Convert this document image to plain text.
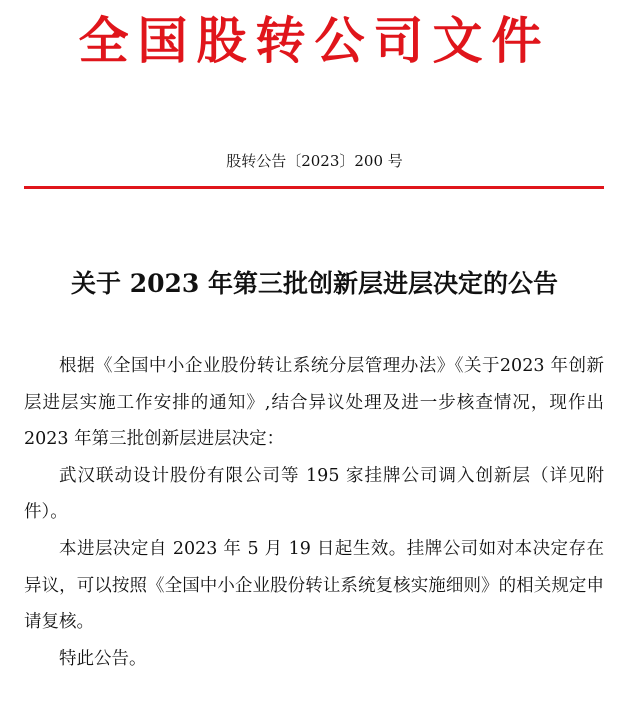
全国股转公司文件
股转公告〔2023〕200 号
关于 2023 年第三批创新层进层决定的公告

根据《全国中小企业股份转让系统分层管理办法》《关于2023 年创新层进层实施工作安排的通知》,结合异议处理及进一步核查情况，现作出 2023 年第三批创新层进层决定：

武汉联动设计股份有限公司等 195 家挂牌公司调入创新层（详见附件）。

本进层决定自 2023 年 5 月 19 日起生效。挂牌公司如对本决定存在异议，可以按照《全国中小企业股份转让系统复核实施细则》的相关规定申请复核。

特此公告。
